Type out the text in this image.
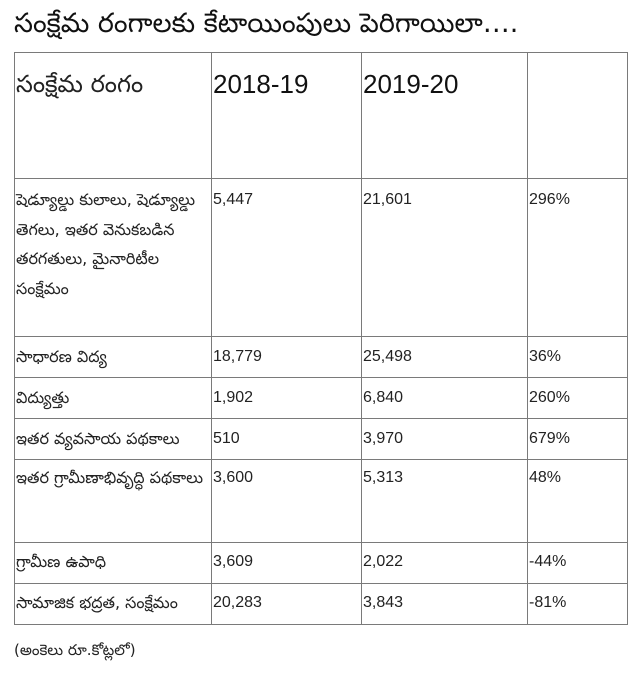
సంక్షేమ రంగాలకు కేటాయింపులు పెరిగాయిలా….
సంక్షేమ రంగం	2018-19	2019-20	
షెడ్యూల్డు కులాలు, షెడ్యూల్డు తెగలు, ఇతర వెనుకబడిన తరగతులు, మైనారిటీల సంక్షేమం	5,447	21,601	296%
సాధారణ విద్య	18,779	25,498	36%
విద్యుత్తు	1,902	6,840	260%
ఇతర వ్యవసాయ పథకాలు	510	3,970	679%
ఇతర గ్రామీణాభివృద్ధి పథకాలు	3,600	5,313	48%
గ్రామీణ ఉపాధి	3,609	2,022	-44%
సామాజిక భద్రత, సంక్షేమం	20,283	3,843	-81%
(అంకెలు రూ.కోట్లలో)
